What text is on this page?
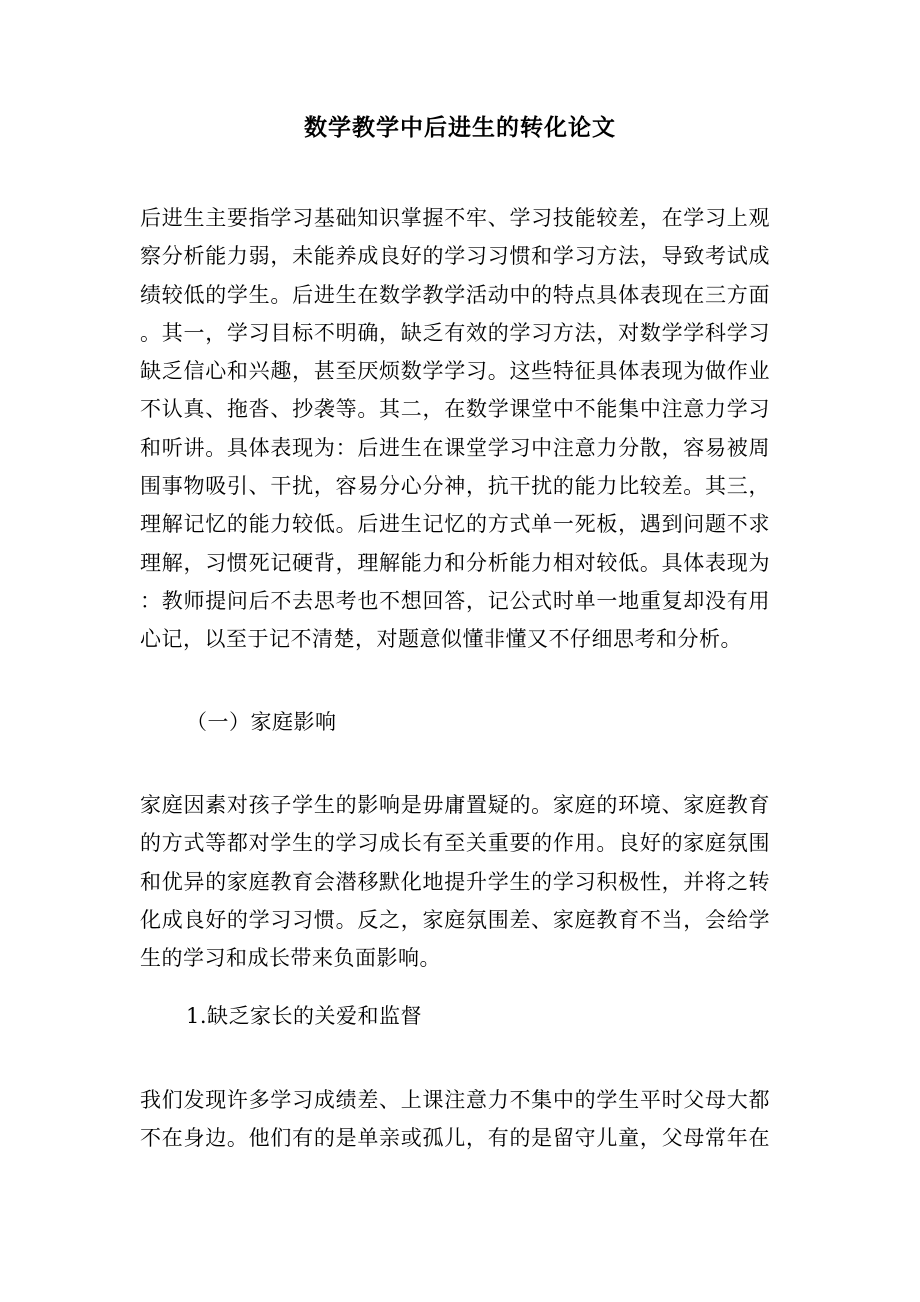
数学教学中后进生的转化论文
后进生主要指学习基础知识掌握不牢、学习技能较差，在学习上观
察分析能力弱，未能养成良好的学习习惯和学习方法，导致考试成
绩较低的学生。后进生在数学教学活动中的特点具体表现在三方面
。其一，学习目标不明确，缺乏有效的学习方法，对数学学科学习
缺乏信心和兴趣，甚至厌烦数学学习。这些特征具体表现为做作业
不认真、拖沓、抄袭等。其二，在数学课堂中不能集中注意力学习
和听讲。具体表现为：后进生在课堂学习中注意力分散，容易被周
围事物吸引、干扰，容易分心分神，抗干扰的能力比较差。其三，
理解记忆的能力较低。后进生记忆的方式单一死板，遇到问题不求
理解，习惯死记硬背，理解能力和分析能力相对较低。具体表现为
：教师提问后不去思考也不想回答，记公式时单一地重复却没有用
心记，以至于记不清楚，对题意似懂非懂又不仔细思考和分析。
（一）家庭影响
家庭因素对孩子学生的影响是毋庸置疑的。家庭的环境、家庭教育
的方式等都对学生的学习成长有至关重要的作用。良好的家庭氛围
和优异的家庭教育会潜移默化地提升学生的学习积极性，并将之转
化成良好的学习习惯。反之，家庭氛围差、家庭教育不当，会给学
生的学习和成长带来负面影响。
1.缺乏家长的关爱和监督
我们发现许多学习成绩差、上课注意力不集中的学生平时父母大都
不在身边。他们有的是单亲或孤儿，有的是留守儿童，父母常年在
